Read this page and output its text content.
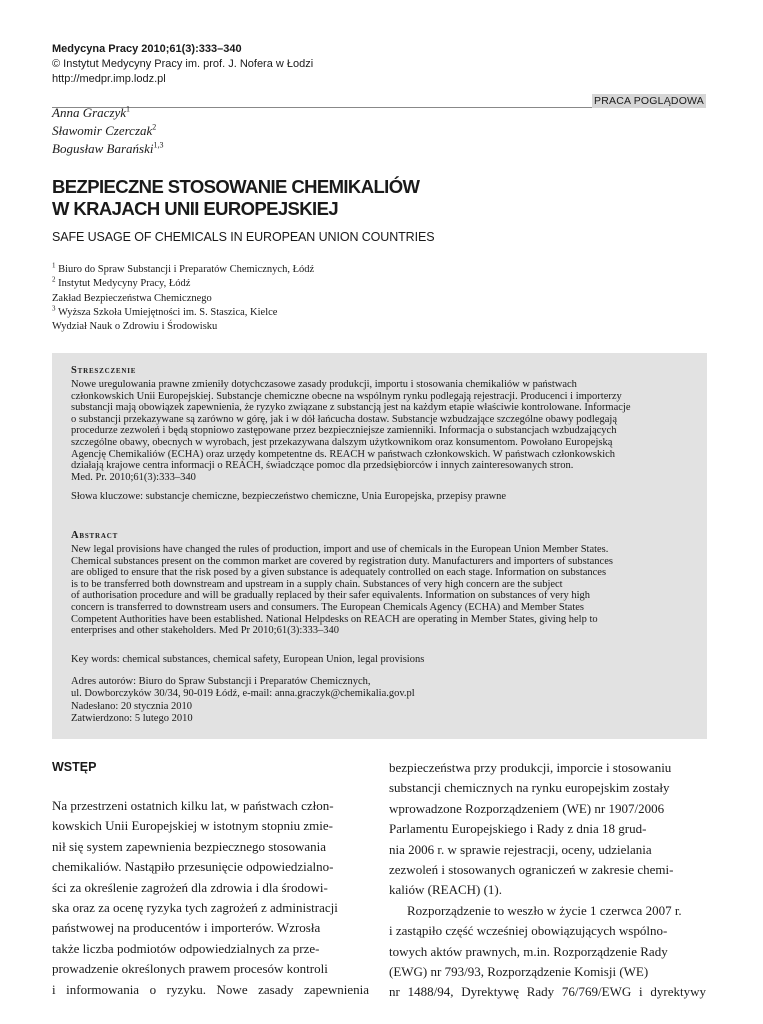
Medycyna Pracy 2010;61(3):333–340
© Instytut Medycyny Pracy im. prof. J. Nofera w Łodzi
http://medpr.imp.lodz.pl
PRACA POGLĄDOWA
Anna Graczyk$^1$
Sławomir Czerczak$^2$
Bogusław Barański$^{1,3}$
BEZPIECZNE STOSOWANIE CHEMIKALIÓW
W KRAJACH UNII EUROPEJSKIEJ
SAFE USAGE OF CHEMICALS IN EUROPEAN UNION COUNTRIES
$^1$ Biuro do Spraw Substancji i Preparatów Chemicznych, Łódź
$^2$ Instytut Medycyny Pracy, Łódź
Zakład Bezpieczeństwa Chemicznego
$^3$ Wyższa Szkoła Umiejętności im. S. Staszica, Kielce
Wydział Nauk o Zdrowiu i Środowisku
Streszczenie
Nowe uregulowania prawne zmieniły dotychczasowe zasady produkcji, importu i stosowania chemikaliów w państwach
członkowskich Unii Europejskiej. Substancje chemiczne obecne na wspólnym rynku podlegają rejestracji. Producenci i importerzy
substancji mają obowiązek zapewnienia, że ryzyko związane z substancją jest na każdym etapie właściwie kontrolowane. Informacje
o substancji przekazywane są zarówno w górę, jak i w dół łańcucha dostaw. Substancje wzbudzające szczególne obawy podlegają
procedurze zezwoleń i będą stopniowo zastępowane przez bezpieczniejsze zamienniki. Informacja o substancjach wzbudzających
szczególne obawy, obecnych w wyrobach, jest przekazywana dalszym użytkownikom oraz konsumentom. Powołano Europejską
Agencję Chemikaliów (ECHA) oraz urzędy kompetentne ds. REACH w państwach członkowskich. W państwach członkowskich
działają krajowe centra informacji o REACH, świadczące pomoc dla przedsiębiorców i innych zainteresowanych stron.
Med. Pr. 2010;61(3):333–340
Słowa kluczowe: substancje chemiczne, bezpieczeństwo chemiczne, Unia Europejska, przepisy prawne
Abstract
New legal provisions have changed the rules of production, import and use of chemicals in the European Union Member States.
Chemical substances present on the common market are covered by registration duty. Manufacturers and importers of substances
are obliged to ensure that the risk posed by a given substance is adequately controlled on each stage. Information on substances
is to be transferred both downstream and upstream in a supply chain. Substances of very high concern are the subject
of authorisation procedure and will be gradually replaced by their safer equivalents. Information on substances of very high
concern is transferred to downstream users and consumers. The European Chemicals Agency (ECHA) and Member States
Competent Authorities have been established. National Helpdesks on REACH are operating in Member States, giving help to
enterprises and other stakeholders. Med Pr 2010;61(3):333–340
Key words: chemical substances, chemical safety, European Union, legal provisions
Adres autorów: Biuro do Spraw Substancji i Preparatów Chemicznych,
ul. Dowborczyków 30/34, 90-019 Łódź, e-mail: anna.graczyk@chemikalia.gov.pl
Nadesłano: 20 stycznia 2010
Zatwierdzono: 5 lutego 2010
WSTĘP
Na przestrzeni ostatnich kilku lat, w państwach człon-
kowskich Unii Europejskiej w istotnym stopniu zmie-
nił się system zapewnienia bezpiecznego stosowania
chemikaliów. Nastąpiło przesunięcie odpowiedzialno-
ści za określenie zagrożeń dla zdrowia i dla środowi-
ska oraz za ocenę ryzyka tych zagrożeń z administracji
państwowej na producentów i importerów. Wzrosła
także liczba podmiotów odpowiedzialnych za prze-
prowadzenie określonych prawem procesów kontroli
i informowania o ryzyku. Nowe zasady zapewnienia
bezpieczeństwa przy produkcji, imporcie i stosowaniu
substancji chemicznych na rynku europejskim zostały
wprowadzone Rozporządzeniem (WE) nr 1907/2006
Parlamentu Europejskiego i Rady z dnia 18 grud-
nia 2006 r. w sprawie rejestracji, oceny, udzielania
zezwoleń i stosowanych ograniczeń w zakresie chemi-
kaliów (REACH) (1).
Rozporządzenie to weszło w życie 1 czerwca 2007 r.
i zastąpiło część wcześniej obowiązujących wspólno-
towych aktów prawnych, m.in. Rozporządzenie Rady
(EWG) nr 793/93, Rozporządzenie Komisji (WE)
nr 1488/94, Dyrektywę Rady 76/769/EWG i dyrektywy
